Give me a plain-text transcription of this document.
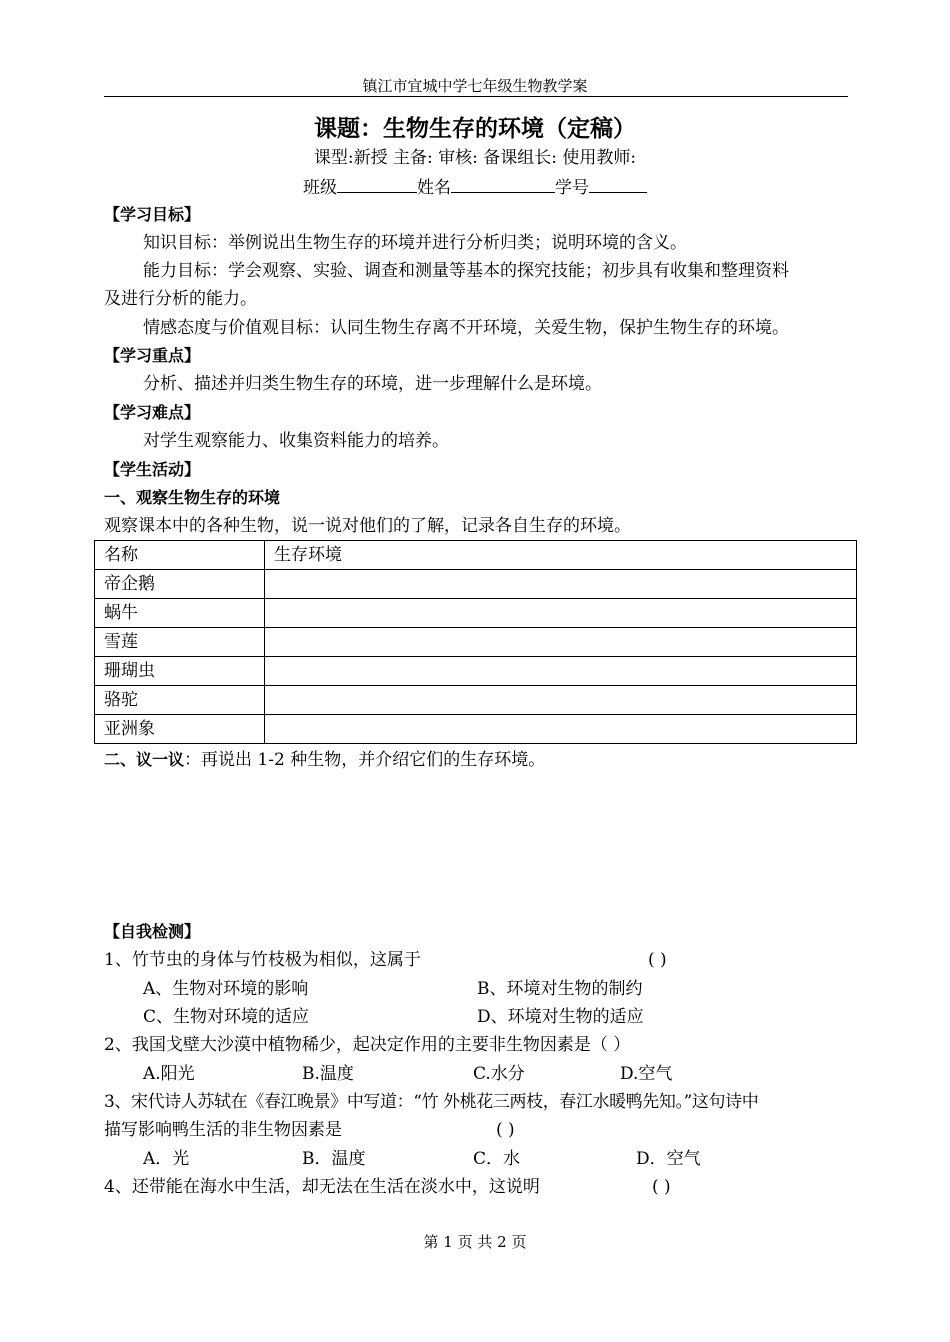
镇江市宜城中学七年级生物教学案
课题：生物生存的环境（定稿）
课型:新授 主备: 审核: 备课组长: 使用教师:
班级	姓名	学号
【学习目标】
知识目标：举例说出生物生存的环境并进行分析归类；说明环境的含义。
能力目标：学会观察、实验、调查和测量等基本的探究技能；初步具有收集和整理资料
及进行分析的能力。
情感态度与价值观目标：认同生物生存离不开环境，关爱生物，保护生物生存的环境。
【学习重点】
分析、描述并归类生物生存的环境，进一步理解什么是环境。
【学习难点】
对学生观察能力、收集资料能力的培养。
【学生活动】
一、观察生物生存的环境
观察课本中的各种生物，说一说对他们的了解，记录各自生存的环境。
名称	生存环境
帝企鹅	
蜗牛	
雪莲	
珊瑚虫	
骆驼	
亚洲象	
二、议一议：再说出 1-2 种生物，并介绍它们的生存环境。
【自我检测】
1、竹节虫的身体与竹枝极为相似，这属于	( )
A、生物对环境的影响	B、环境对生物的制约
C、生物对环境的适应	D、环境对生物的适应
2、我国戈壁大沙漠中植物稀少，起决定作用的主要非生物因素是（ ）
A.阳光	B.温度	C.水分	D.空气
3、宋代诗人苏轼在《春江晚景》中写道：“竹 外桃花三两枝，春江水暖鸭先知。”这句诗中
描写影响鸭生活的非生物因素是	( )
A．光	B．温度	C．水	D．空气
4、还带能在海水中生活，却无法在生活在淡水中，这说明	( )
第 1 页 共 2 页
